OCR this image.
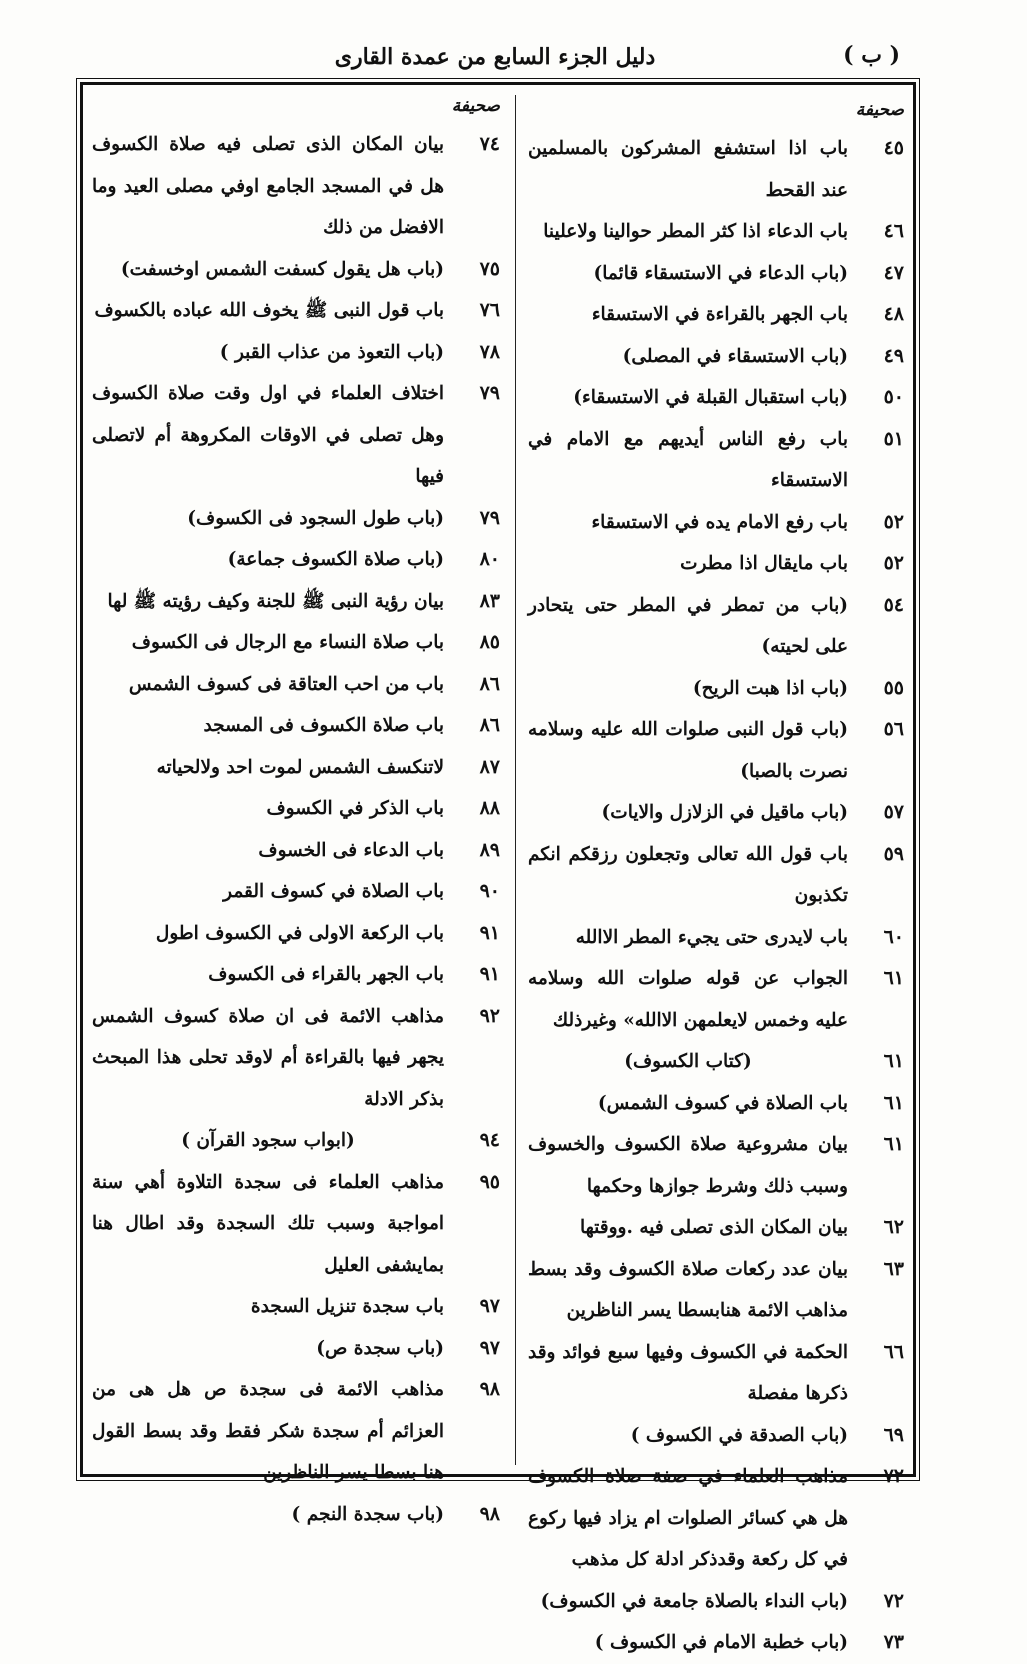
( ب )
دليل الجزء السابع من عمدة القارى
صحيفة
٤٥
باب اذا استشفع المشركون بالمسلمين عند القحط
٤٦
باب الدعاء اذا كثر المطر حوالينا ولاعلينا
٤٧
(باب الدعاء في الاستسقاء قائما)
٤٨
باب الجهر بالقراءة في الاستسقاء
٤٩
(باب الاستسقاء في المصلى)
٥٠
(باب استقبال القبلة في الاستسقاء)
٥١
باب رفع الناس أيديهم مع الامام في الاستسقاء
٥٢
باب رفع الامام يده في الاستسقاء
٥٢
باب مايقال اذا مطرت
٥٤
(باب من تمطر في المطر حتى يتحادر على لحيته)
٥٥
(باب اذا هبت الريح)
٥٦
(باب قول النبى صلوات الله عليه وسلامه نصرت بالصبا)
٥٧
(باب ماقيل في الزلازل والايات)
٥٩
باب قول الله تعالى وتجعلون رزقكم انكم تكذبون
٦٠
باب لايدرى حتى يجيء المطر الاالله
٦١
الجواب عن قوله صلوات الله وسلامه عليه وخمس لايعلمهن الاالله» وغيرذلك
٦١
(كتاب الكسوف)
٦١
باب الصلاة في كسوف الشمس)
٦١
بيان مشروعية صلاة الكسوف والخسوف وسبب ذلك وشرط جوازها وحكمها
٦٢
بيان المكان الذى تصلى فيه .ووقتها
٦٣
بيان عدد ركعات صلاة الكسوف وقد بسط مذاهب الائمة هنابسطا يسر الناظرين
٦٦
الحكمة في الكسوف وفيها سبع فوائد وقد ذكرها مفصلة
٦٩
(باب الصدقة في الكسوف )
٧٢
مذاهب العلماء في صفة صلاة الكسوف هل هي كسائر الصلوات ام يزاد فيها ركوع في كل ركعة وقدذكر ادلة كل مذهب
٧٢
(باب النداء بالصلاة جامعة في الكسوف)
٧٣
(باب خطبة الامام في الكسوف )
صحيفة
٧٤
بيان المكان الذى تصلى فيه صلاة الكسوف هل في المسجد الجامع اوفي مصلى العيد وما الافضل من ذلك
٧٥
(باب هل يقول كسفت الشمس اوخسفت)
٧٦
باب قول النبى ﷺ يخوف الله عباده بالكسوف
٧٨
(باب التعوذ من عذاب القبر )
٧٩
اختلاف العلماء في اول وقت صلاة الكسوف وهل تصلى في الاوقات المكروهة أم لاتصلى فيها
٧٩
(باب طول السجود فى الكسوف)
٨٠
(باب صلاة الكسوف جماعة)
٨٣
بيان رؤية النبى ﷺ للجنة وكيف رؤيته ﷺ لها
٨٥
باب صلاة النساء مع الرجال فى الكسوف
٨٦
باب من احب العتاقة فى كسوف الشمس
٨٦
باب صلاة الكسوف فى المسجد
٨٧
لاتنكسف الشمس لموت احد ولالحياته
٨٨
باب الذكر في الكسوف
٨٩
باب الدعاء فى الخسوف
٩٠
باب الصلاة في كسوف القمر
٩١
باب الركعة الاولى في الكسوف اطول
٩١
باب الجهر بالقراء فى الكسوف
٩٢
مذاهب الائمة فى ان صلاة كسوف الشمس يجهر فيها بالقراءة أم لاوقد تحلى هذا المبحث بذكر الادلة
٩٤
(ابواب سجود القرآن )
٩٥
مذاهب العلماء فى سجدة التلاوة أهي سنة امواجبة وسبب تلك السجدة وقد اطال هنا بمايشفى العليل
٩٧
باب سجدة تنزيل السجدة
٩٧
(باب سجدة ص)
٩٨
مذاهب الائمة فى سجدة ص هل هى من العزائم أم سجدة شكر فقط وقد بسط القول هنا بسطا يسر الناظرين
٩٨
(باب سجدة النجم )
